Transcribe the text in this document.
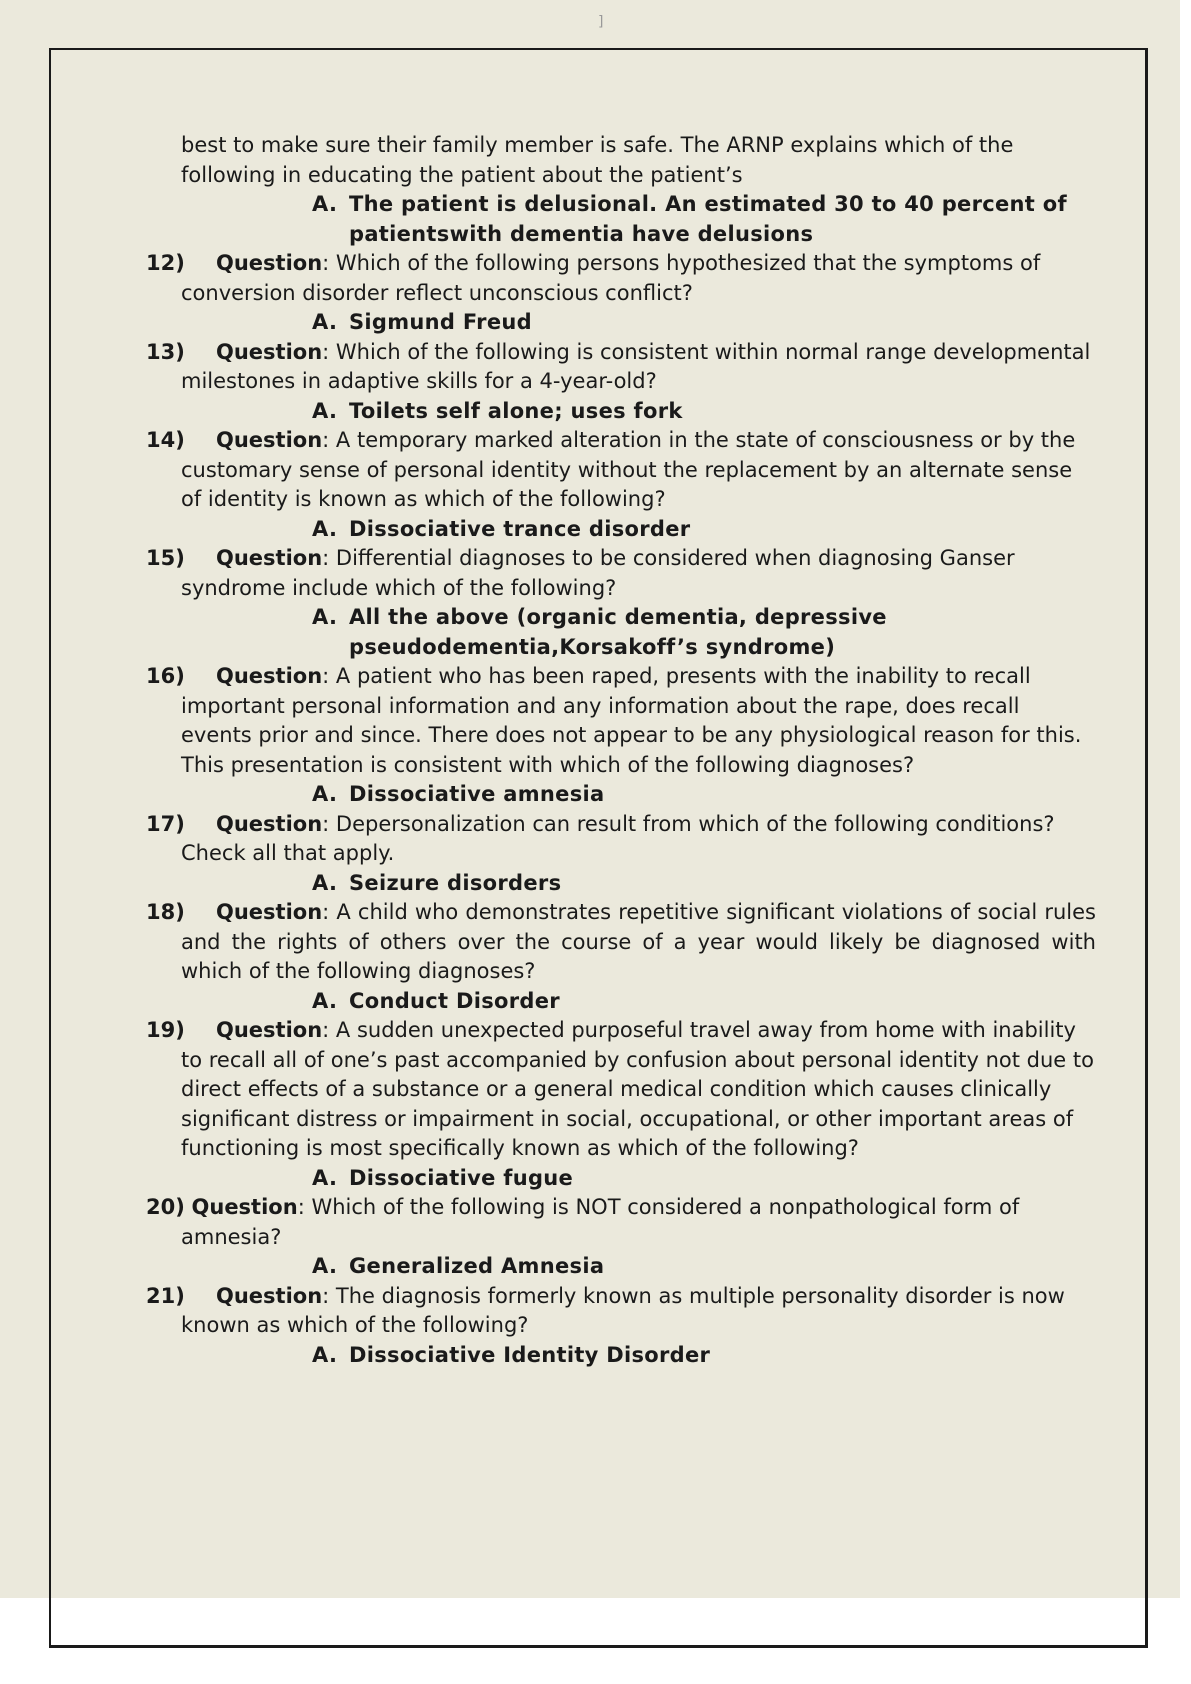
]

best to make sure their family member is safe. The ARNP explains which of the following in educating the patient about the patient’s

A. The patient is delusional. An estimated 30 to 40 percent of patientswith dementia have delusions

12) Question: Which of the following persons hypothesized that the symptoms of conversion disorder reflect unconscious conflict?

A. Sigmund Freud

13) Question: Which of the following is consistent within normal range developmental milestones in adaptive skills for a 4-year-old?

A. Toilets self alone; uses fork

14) Question: A temporary marked alteration in the state of consciousness or by the customary sense of personal identity without the replacement by an alternate sense of identity is known as which of the following?

A. Dissociative trance disorder

15) Question: Differential diagnoses to be considered when diagnosing Ganser syndrome include which of the following?

A. All the above (organic dementia, depressive pseudodementia,Korsakoff’s syndrome)

16) Question: A patient who has been raped, presents with the inability to recall important personal information and any information about the rape, does recall events prior and since. There does not appear to be any physiological reason for this. This presentation is consistent with which of the following diagnoses?

A. Dissociative amnesia

17) Question: Depersonalization can result from which of the following conditions? Check all that apply.

A. Seizure disorders

18) Question: A child who demonstrates repetitive significant violations of social rules and the rights of others over the course of a year would likely be diagnosed with which of the following diagnoses?

A. Conduct Disorder

19) Question: A sudden unexpected purposeful travel away from home with inability to recall all of one’s past accompanied by confusion about personal identity not due to direct effects of a substance or a general medical condition which causes clinically significant distress or impairment in social, occupational, or other important areas of functioning is most specifically known as which of the following?

A. Dissociative fugue

20) Question: Which of the following is NOT considered a nonpathological form of amnesia?

A. Generalized Amnesia

21) Question: The diagnosis formerly known as multiple personality disorder is now known as which of the following?

A. Dissociative Identity Disorder
